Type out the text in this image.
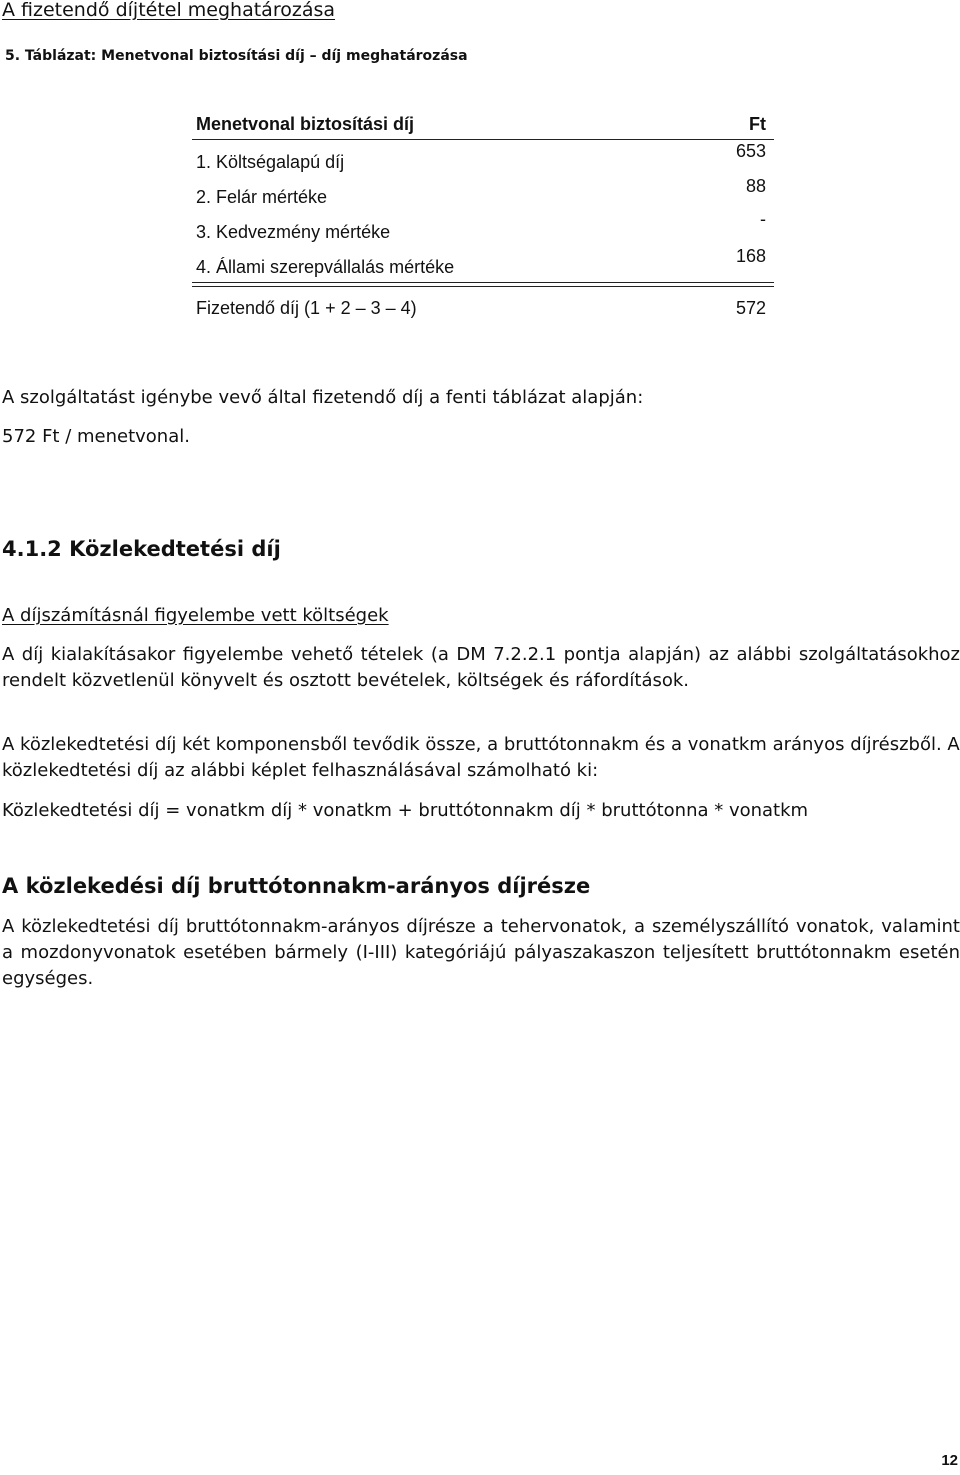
A fizetendő díjtétel meghatározása
5. Táblázat: Menetvonal biztosítási díj – díj meghatározása
Menetvonal biztosítási díj	Ft
1. Költségalapú díj
653
2. Felár mértéke
88
3. Kedvezmény mértéke
-
4. Állami szerepvállalás mértéke
168
Fizetendő díj (1 + 2 – 3 – 4)	572
A szolgáltatást igénybe vevő által fizetendő díj a fenti táblázat alapján:
572 Ft / menetvonal.
4.1.2 Közlekedtetési díj
A díjszámításnál figyelembe vett költségek
A díj kialakításakor figyelembe vehető tételek (a DM 7.2.2.1 pontja alapján) az alábbi szolgáltatásokhoz rendelt közvetlenül könyvelt és osztott bevételek, költségek és ráfordítások.
A közlekedtetési díj két komponensből tevődik össze, a bruttótonnakm és a vonatkm arányos díjrészből. A közlekedtetési díj az alábbi képlet felhasználásával számolható ki:
Közlekedtetési díj = vonatkm díj * vonatkm + bruttótonnakm díj * bruttótonna * vonatkm
A közlekedési díj bruttótonnakm-arányos díjrésze
A közlekedtetési díj bruttótonnakm-arányos díjrésze a tehervonatok, a személyszállító vonatok, valamint a mozdonyvonatok esetében bármely (I-III) kategóriájú pályaszakaszon teljesített bruttótonnakm esetén egységes.
12
